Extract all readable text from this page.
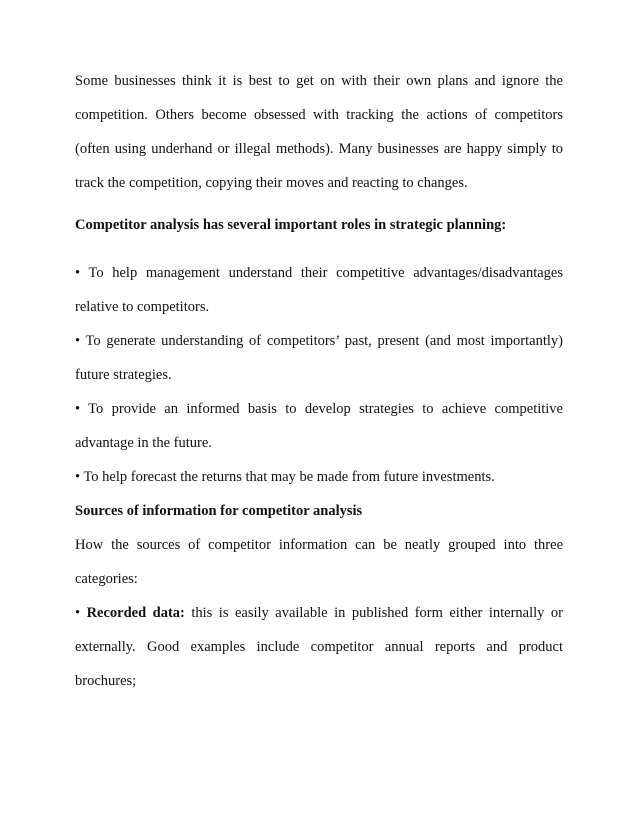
Some businesses think it is best to get on with their own plans and ignore the competition. Others become obsessed with tracking the actions of competitors (often using underhand or illegal methods). Many businesses are happy simply to track the competition, copying their moves and reacting to changes.

Competitor analysis has several important roles in strategic planning:

• To help management understand their competitive advantages/disadvantages relative to competitors.

• To generate understanding of competitors’ past, present (and most importantly) future strategies.

• To provide an informed basis to develop strategies to achieve competitive advantage in the future.

• To help forecast the returns that may be made from future investments.

Sources of information for competitor analysis

How the sources of competitor information can be neatly grouped into three categories:

• Recorded data: this is easily available in published form either internally or externally. Good examples include competitor annual reports and product brochures;
